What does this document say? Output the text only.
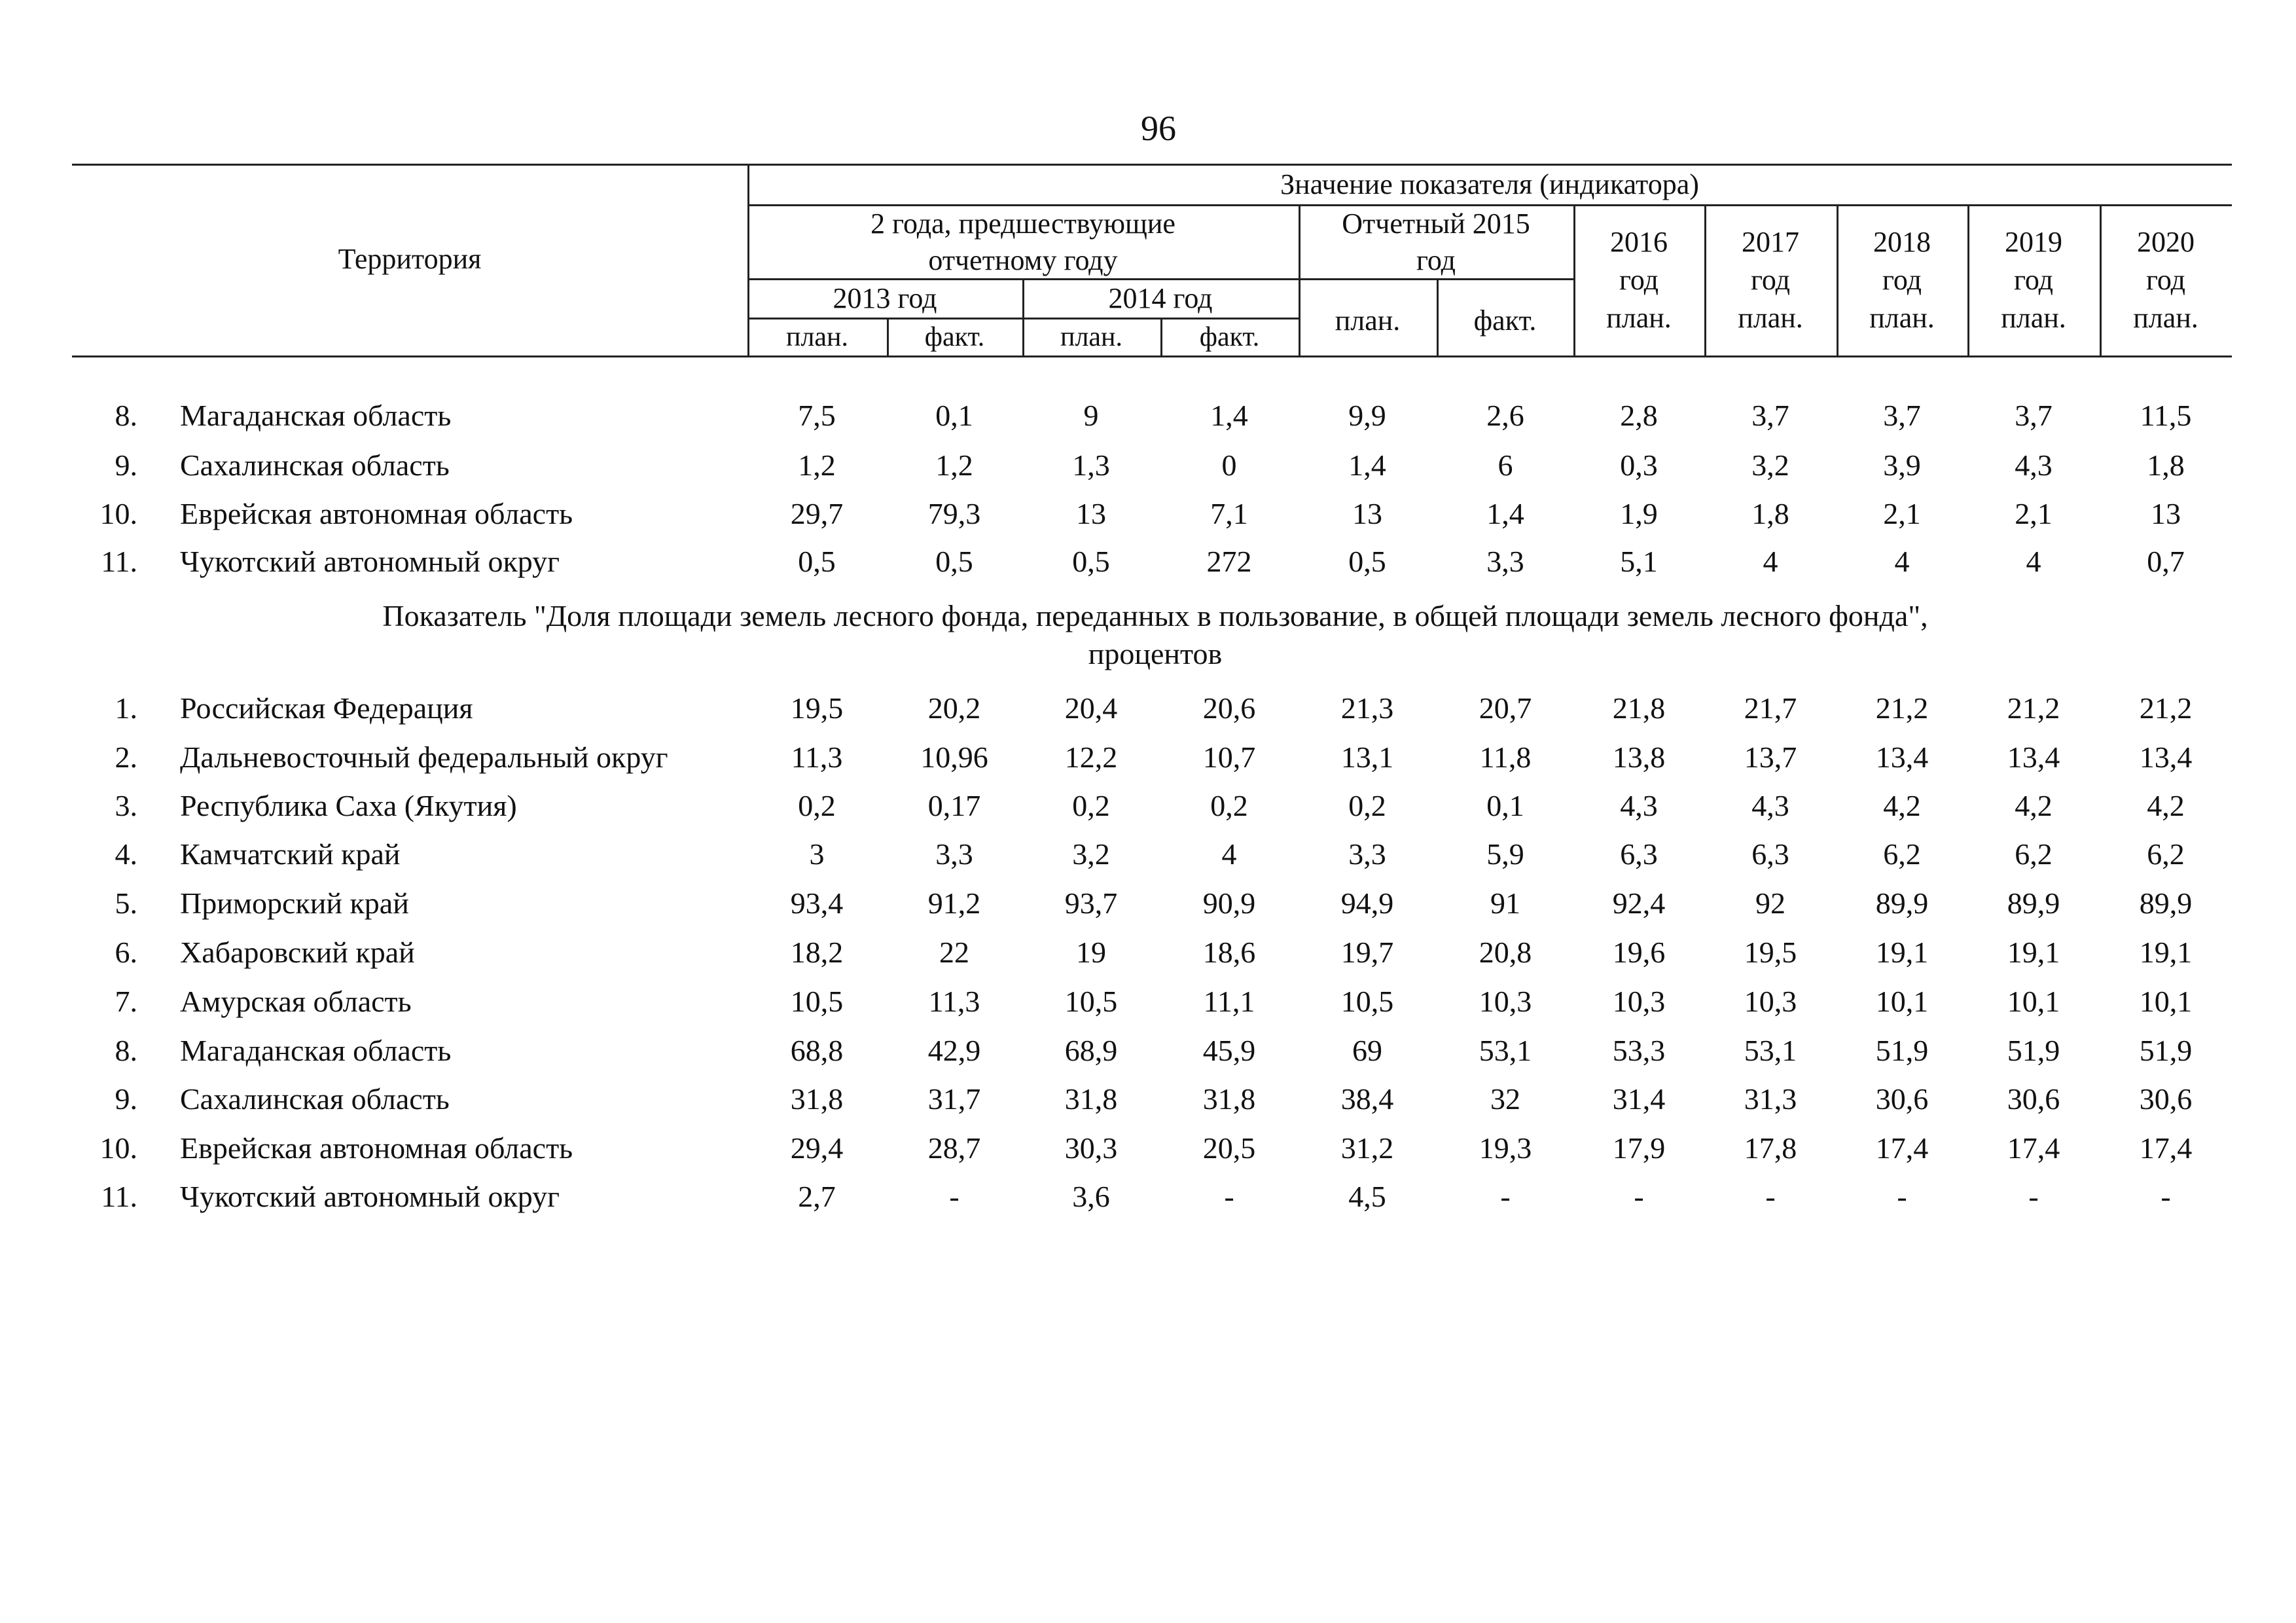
96
Территория
Значение показателя (индикатора)
2 года, предшествующие
отчетному году
2013 год	2014 год
план.	факт.	план.	факт.
Отчетный 2015
год
план.	факт.
2016
год
план.
2017
год
план.
2018
год
план.
2019
год
план.
2020
год
план.
Показатель "Доля площади земель лесного фонда, переданных в пользование, в общей площади земель лесного фонда",
процентов
8. Магаданская область	7,5	0,1	9	1,4	9,9	2,6	2,8	3,7	3,7	3,7	11,5
9. Сахалинская область	1,2	1,2	1,3	0	1,4	6	0,3	3,2	3,9	4,3	1,8
10. Еврейская автономная область	29,7	79,3	13	7,1	13	1,4	1,9	1,8	2,1	2,1	13
11. Чукотский автономный округ	0,5	0,5	0,5	272	0,5	3,3	5,1	4	4	4	0,7
1. Российская Федерация	19,5	20,2	20,4	20,6	21,3	20,7	21,8	21,7	21,2	21,2	21,2
2. Дальневосточный федеральный округ	11,3	10,96	12,2	10,7	13,1	11,8	13,8	13,7	13,4	13,4	13,4
3. Республика Саха (Якутия)	0,2	0,17	0,2	0,2	0,2	0,1	4,3	4,3	4,2	4,2	4,2
4. Камчатский край	3	3,3	3,2	4	3,3	5,9	6,3	6,3	6,2	6,2	6,2
5. Приморский край	93,4	91,2	93,7	90,9	94,9	91	92,4	92	89,9	89,9	89,9
6. Хабаровский край	18,2	22	19	18,6	19,7	20,8	19,6	19,5	19,1	19,1	19,1
7. Амурская область	10,5	11,3	10,5	11,1	10,5	10,3	10,3	10,3	10,1	10,1	10,1
8. Магаданская область	68,8	42,9	68,9	45,9	69	53,1	53,3	53,1	51,9	51,9	51,9
9. Сахалинская область	31,8	31,7	31,8	31,8	38,4	32	31,4	31,3	30,6	30,6	30,6
10. Еврейская автономная область	29,4	28,7	30,3	20,5	31,2	19,3	17,9	17,8	17,4	17,4	17,4
11. Чукотский автономный округ	2,7	-	3,6	-	4,5	-	-	-	-	-	-
